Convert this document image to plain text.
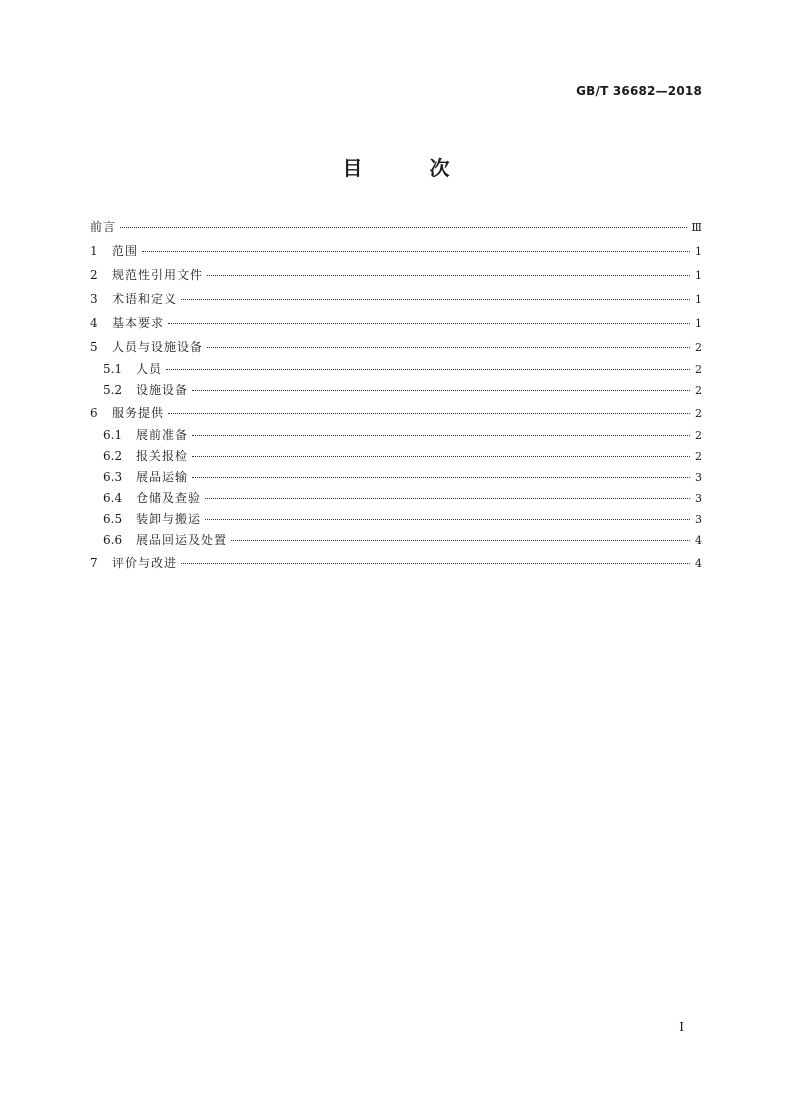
GB/T 36682—2018
目 次
前言	Ⅲ
1	范围	1
2	规范性引用文件	1
3	术语和定义	1
4	基本要求	1
5	人员与设施设备	2
5.1	人员	2
5.2	设施设备	2
6	服务提供	2
6.1	展前准备	2
6.2	报关报检	2
6.3	展品运输	3
6.4	仓储及查验	3
6.5	装卸与搬运	3
6.6	展品回运及处置	4
7	评价与改进	4
I
